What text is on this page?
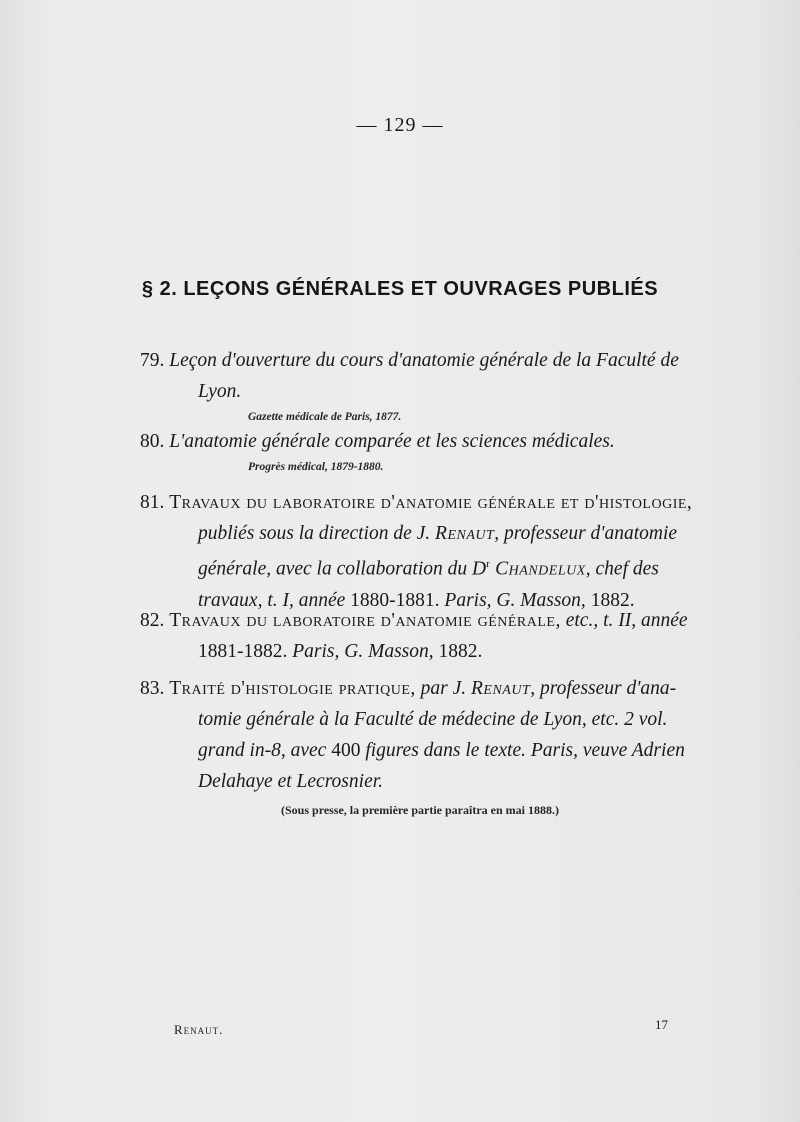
— 129 —
§ 2. LEÇONS GÉNÉRALES ET OUVRAGES PUBLIÉS
79. Leçon d'ouverture du cours d'anatomie générale de la Faculté de
Lyon.
Gazette médicale de Paris, 1877.
80. L'anatomie générale comparée et les sciences médicales.
Progrès médical, 1879-1880.
81. Travaux du laboratoire d'anatomie générale et d'histologie,
publiés sous la direction de J. Renaut, professeur d'anatomie
générale, avec la collaboration du $D^r$ Chandelux, chef des
travaux, t. I, année 1880-1881. Paris, G. Masson, 1882.
82. Travaux du laboratoire d'anatomie générale, etc., t. II, année
1881-1882. Paris, G. Masson, 1882.
83. Traité d'histologie pratique, par J. Renaut, professeur d'ana-
tomie générale à la Faculté de médecine de Lyon, etc. 2 vol.
grand in-8, avec 400 figures dans le texte. Paris, veuve Adrien
Delahaye et Lecrosnier.
(Sous presse, la première partie paraîtra en mai 1888.)
Renaut.	17
